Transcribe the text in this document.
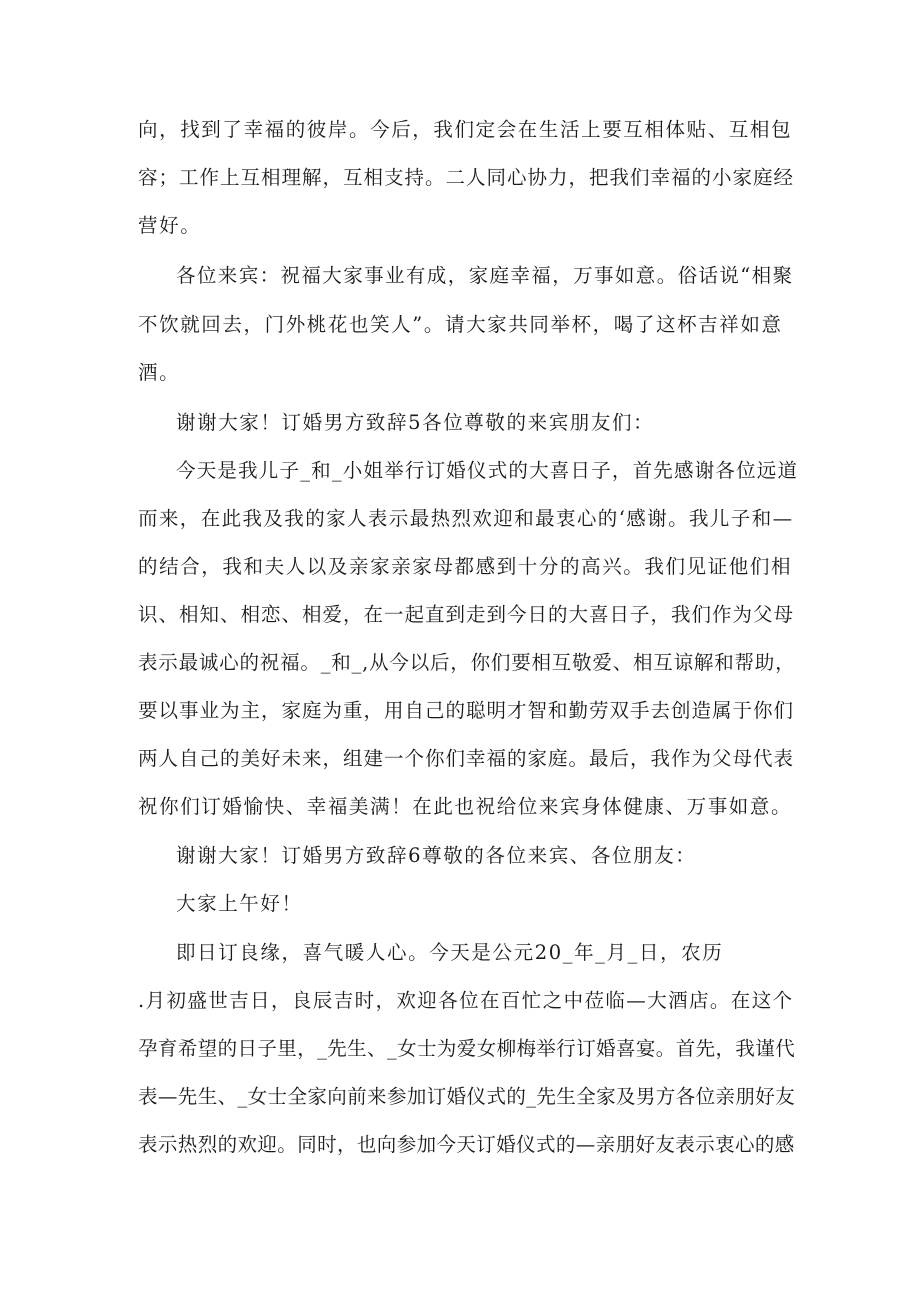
向，找到了幸福的彼岸。今后，我们定会在生活上要互相体贴、互相包
容；工作上互相理解，互相支持。二人同心协力，把我们幸福的小家庭经
营好。
各位来宾：祝福大家事业有成，家庭幸福，万事如意。俗话说“相聚
不饮就回去，门外桃花也笑人”。请大家共同举杯，喝了这杯吉祥如意
酒。
谢谢大家！订婚男方致辞5各位尊敬的来宾朋友们：
今天是我儿子_和_小姐举行订婚仪式的大喜日子，首先感谢各位远道
而来，在此我及我的家人表示最热烈欢迎和最衷心的‘感谢。我儿子和—
的结合，我和夫人以及亲家亲家母都感到十分的高兴。我们见证他们相
识、相知、相恋、相爱，在一起直到走到今日的大喜日子，我们作为父母
表示最诚心的祝福。_和_,从今以后，你们要相互敬爱、相互谅解和帮助，
要以事业为主，家庭为重，用自己的聪明才智和勤劳双手去创造属于你们
两人自己的美好未来，组建一个你们幸福的家庭。最后，我作为父母代表
祝你们订婚愉快、幸福美满！在此也祝给位来宾身体健康、万事如意。
谢谢大家！订婚男方致辞6尊敬的各位来宾、各位朋友：
大家上午好！
即日订良缘，喜气暖人心。今天是公元20_年_月_日，农历
.月初盛世吉日，良辰吉时，欢迎各位在百忙之中莅临—大酒店。在这个
孕育希望的日子里，_先生、_女士为爱女柳梅举行订婚喜宴。首先，我谨代
表—先生、_女士全家向前来参加订婚仪式的_先生全家及男方各位亲朋好友
表示热烈的欢迎。同时，也向参加今天订婚仪式的—亲朋好友表示衷心的感
